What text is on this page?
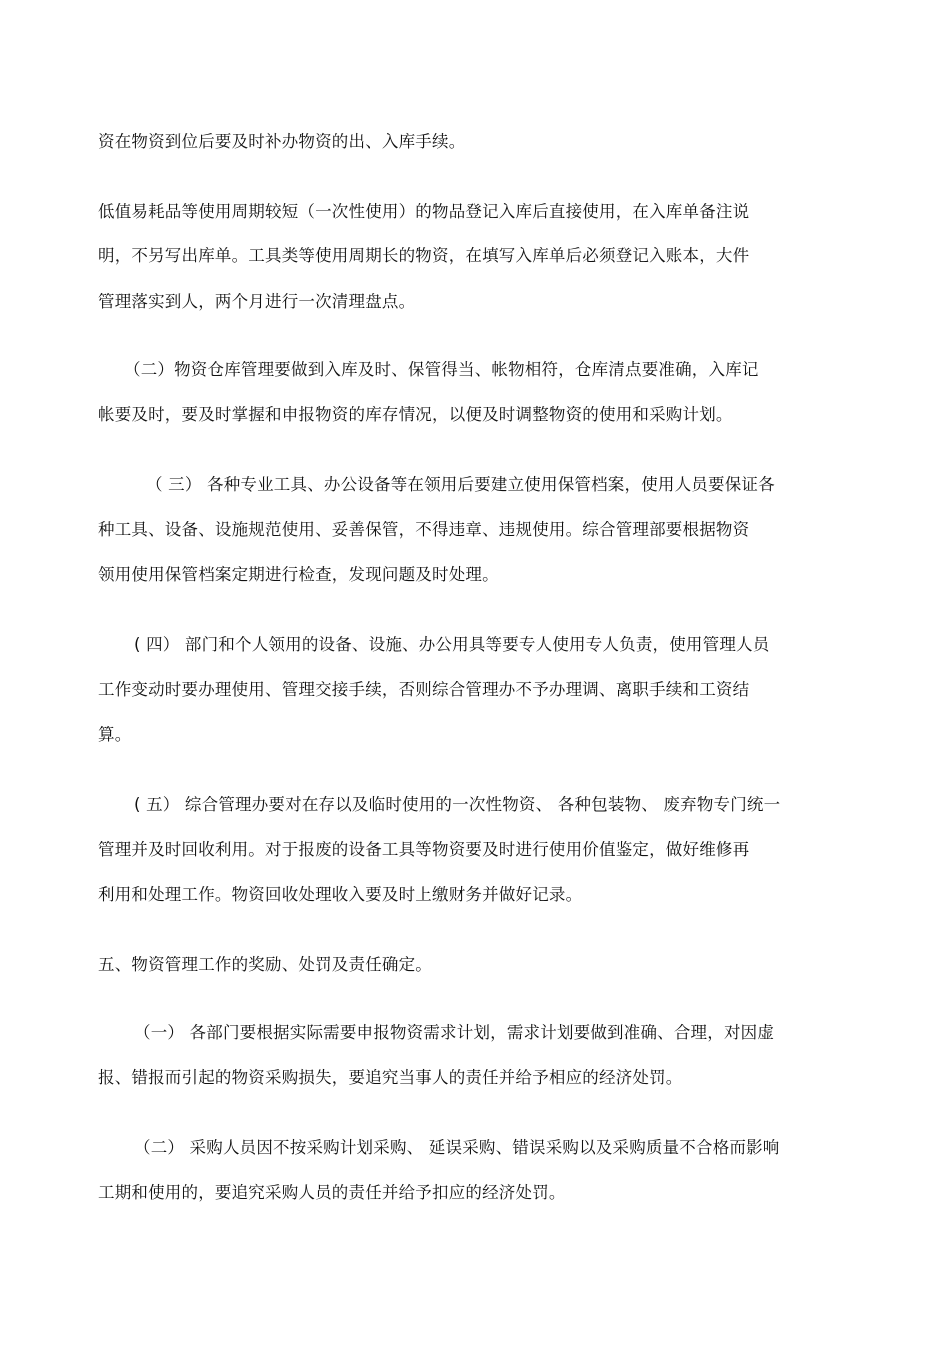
资在物资到位后要及时补办物资的出、入库手续。
低值易耗品等使用周期较短（一次性使用）的物品登记入库后直接使用，在入库单备注说
明，不另写出库单。工具类等使用周期长的物资，在填写入库单后必须登记入账本，大件
管理落实到人，两个月进行一次清理盘点。
（二）物资仓库管理要做到入库及时、保管得当、帐物相符，仓库清点要准确，入库记
帐要及时，要及时掌握和申报物资的库存情况，以便及时调整物资的使用和采购计划。
（ 三） 各种专业工具、办公设备等在领用后要建立使用保管档案，使用人员要保证各
种工具、设备、设施规范使用、妥善保管，不得违章、违规使用。综合管理部要根据物资
领用使用保管档案定期进行检查，发现问题及时处理。
( 四） 部门和个人领用的设备、设施、办公用具等要专人使用专人负责，使用管理人员
工作变动时要办理使用、管理交接手续，否则综合管理办不予办理调、离职手续和工资结
算。
( 五） 综合管理办要对在存以及临时使用的一次性物资、 各种包装物、 废弃物专门统一
管理并及时回收利用。对于报废的设备工具等物资要及时进行使用价值鉴定，做好维修再
利用和处理工作。物资回收处理收入要及时上缴财务并做好记录。
五、物资管理工作的奖励、处罚及责任确定。
（一） 各部门要根据实际需要申报物资需求计划，需求计划要做到准确、合理，对因虚
报、错报而引起的物资采购损失，要追究当事人的责任并给予相应的经济处罚。
（二） 采购人员因不按采购计划采购、 延误采购、错误采购以及采购质量不合格而影响
工期和使用的，要追究采购人员的责任并给予扣应的经济处罚。
